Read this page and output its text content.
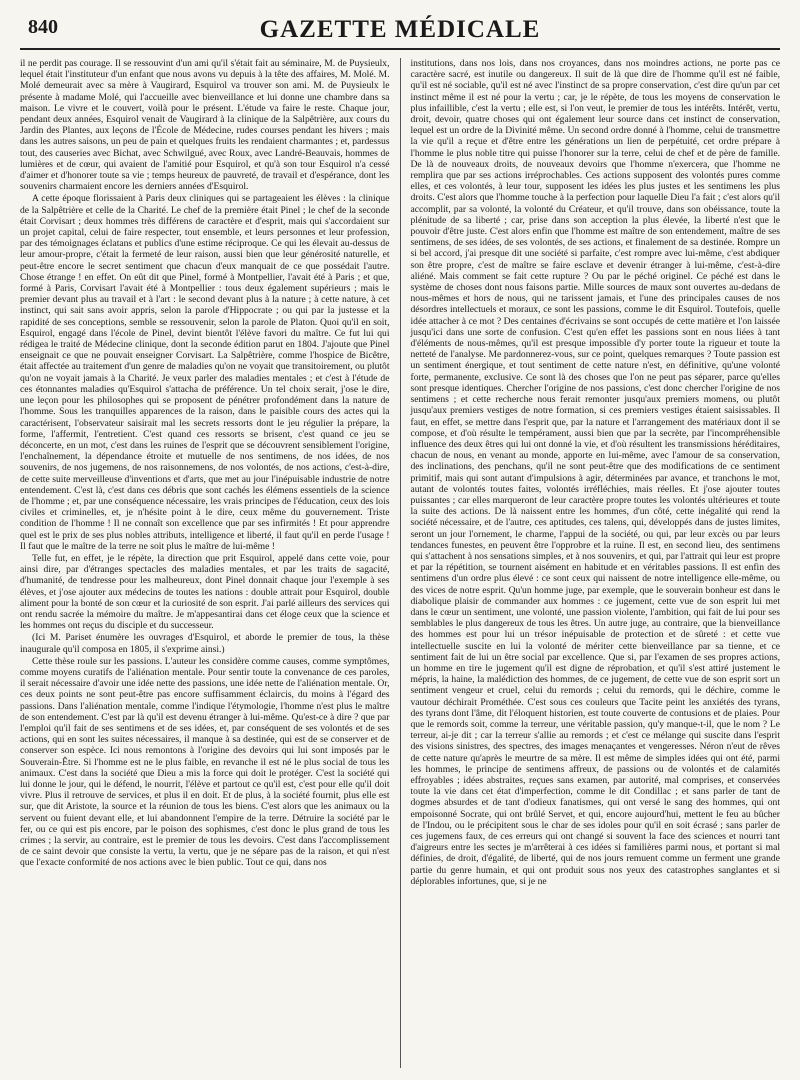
840	GAZETTE MÉDICALE

il ne perdit pas courage. Il se ressouvint d'un ami qu'il s'était fait au séminaire, M. de Puysieulx, lequel était l'instituteur d'un enfant que nous avons vu depuis à la tête des affaires, M. Molé. M. Molé demeurait avec sa mère à Vaugirard, Esquirol va trouver son ami. M. de Puysieulx le présente à madame Molé, qui l'accueille avec bienveillance et lui donne une chambre dans sa maison. Le vivre et le couvert, voilà pour le présent. L'étude va faire le reste. Chaque jour, pendant deux années, Esquirol venait de Vaugirard à la clinique de la Salpêtrière, aux cours du Jardin des Plantes, aux leçons de l'École de Médecine, rudes courses pendant les hivers ; mais dans les autres saisons, un peu de pain et quelques fruits les rendaient charmantes ; et, pardessus tout, des causeries avec Bichat, avec Schwilgué, avec Roux, avec Landré-Beauvais, hommes de lumières et de cœur, qui avaient de l'amitié pour Esquirol, et qu'à son tour Esquirol n'a cessé d'aimer et d'honorer toute sa vie ; temps heureux de pauvreté, de travail et d'espérance, dont les souvenirs charmaient encore les derniers années d'Esquirol.

A cette époque florissaient à Paris deux cliniques qui se partageaient les élèves : la clinique de la Salpêtrière et celle de la Charité. Le chef de la première était Pinel ; le chef de la seconde était Corvisart ; deux hommes très différens de caractère et d'esprit, mais qui s'accordaient sur un projet capital, celui de faire respecter, tout ensemble, et leurs personnes et leur profession, par des témoignages éclatans et publics d'une estime réciproque. Ce qui les élevait au-dessus de leur amour-propre, c'était la fermeté de leur raison, aussi bien que leur générosité naturelle, et peut-être encore le secret sentiment que chacun d'eux manquait de ce que possédait l'autre. Chose étrange ! en effet. On eût dit que Pinel, formé à Montpellier, l'avait été à Paris ; et que, formé à Paris, Corvisart l'avait été à Montpellier : tous deux également supérieurs ; mais le premier devant plus au travail et à l'art : le second devant plus à la nature ; à cette nature, à cet instinct, qui sait sans avoir appris, selon la parole d'Hippocrate ; ou qui par la justesse et la rapidité de ses conceptions, semble se ressouvenir, selon la parole de Platon. Quoi qu'il en soit, Esquirol, engagé dans l'école de Pinel, devint bientôt l'élève favori du maître. Ce fut lui qui rédigea le traité de Médecine clinique, dont la seconde édition parut en 1804. J'ajoute que Pinel enseignait ce que ne pouvait enseigner Corvisart. La Salpêtrière, comme l'hospice de Bicêtre, était affectée au traitement d'un genre de maladies qu'on ne voyait que transitoirement, ou plutôt qu'on ne voyait jamais à la Charité. Je veux parler des maladies mentales ; et c'est à l'étude de ces étonnantes maladies qu'Esquirol s'attacha de préférence. Un tel choix serait, j'ose le dire, une leçon pour les philosophes qui se proposent de pénétrer profondément dans la nature de l'homme. Sous les tranquilles apparences de la raison, dans le paisible cours des actes qui la caractérisent, l'observateur saisirait mal les secrets ressorts dont le jeu régulier la prépare, la forme, l'affermit, l'entretient. C'est quand ces ressorts se brisent, c'est quand ce jeu se déconcerte, en un mot, c'est dans les ruines de l'esprit que se découvrent sensiblement l'origine, l'enchaînement, la dépendance étroite et mutuelle de nos sentimens, de nos idées, de nos souvenirs, de nos jugemens, de nos raisonnemens, de nos volontés, de nos actions, c'est-à-dire, de cette suite merveilleuse d'inventions et d'arts, que met au jour l'inépuisable industrie de notre entendement. C'est là, c'est dans ces débris que sont cachés les élémens essentiels de la science de l'homme ; et, par une conséquence nécessaire, les vrais principes de l'éducation, ceux des lois civiles et criminelles, et, je n'hésite point à le dire, ceux même du gouvernement. Triste condition de l'homme ! Il ne connaît son excellence que par ses infirmités ! Et pour apprendre quel est le prix de ses plus nobles attributs, intelligence et liberté, il faut qu'il en perde l'usage ! Il faut que le maître de la terre ne soit plus le maître de lui-même !

Telle fut, en effet, je le répète, la direction que prit Esquirol, appelé dans cette voie, pour ainsi dire, par d'étranges spectacles des maladies mentales, et par les traits de sagacité, d'humanité, de tendresse pour les malheureux, dont Pinel donnait chaque jour l'exemple à ses élèves, et j'ose ajouter aux médecins de toutes les nations : double attrait pour Esquirol, double aliment pour la bonté de son cœur et la curiosité de son esprit. J'ai parlé ailleurs des services qui ont rendu sacrée la mémoire du maître. Je m'appesantirai dans cet éloge ceux que la science et les hommes ont reçus du disciple et du successeur.

(Ici M. Pariset énumère les ouvrages d'Esquirol, et aborde le premier de tous, la thèse inaugurale qu'il composa en 1805, il s'exprime ainsi.)

Cette thèse roule sur les passions. L'auteur les considère comme causes, comme symptômes, comme moyens curatifs de l'aliénation mentale. Pour sentir toute la convenance de ces paroles, il serait nécessaire d'avoir une idée nette des passions, une idée nette de l'aliénation mentale. Or, ces deux points ne sont peut-être pas encore suffisamment éclaircis, du moins à l'égard des passions. Dans l'aliénation mentale, comme l'indique l'étymologie, l'homme n'est plus le maître de son entendement. C'est par là qu'il est devenu étranger à lui-même. Qu'est-ce à dire ? que par l'emploi qu'il fait de ses sentimens et de ses idées, et, par conséquent de ses volontés et de ses actions, qui en sont les suites nécessaires, il manque à sa destinée, qui est de se conserver et de conserver son espèce. Ici nous remontons à l'origine des devoirs qui lui sont imposés par le Souverain-Être. Si l'homme est ne le plus faible, en revanche il est né le plus social de tous les animaux. C'est dans la société que Dieu a mis la force qui doit le protéger. C'est la société qui lui donne le jour, qui le défend, le nourrit, l'élève et partout ce qu'il est, c'est pour elle qu'il doit vivre. Plus il retrouve de services, et plus il en doit. Et de plus, à la société fournit, plus elle est sur, que dit Aristote, la source et la réunion de tous les biens. C'est alors que les animaux ou la servent ou fuient devant elle, et lui abandonnent l'empire de la terre. Détruire la société par le fer, ou ce qui est pis encore, par le poison des sophismes, c'est donc le plus grand de tous les crimes ; la servir, au contraire, est le premier de tous les devoirs. C'est dans l'accomplissement de ce saint devoir que consiste la vertu, la vertu, que je ne sépare pas de la raison, et qui n'est que l'exacte conformité de nos actions avec le bien public. Tout ce qui, dans nos

institutions, dans nos lois, dans nos croyances, dans nos moindres actions, ne porte pas ce caractère sacré, est inutile ou dangereux. Il suit de là que dire de l'homme qu'il est né faible, qu'il est né sociable, qu'il est né avec l'instinct de sa propre conservation, c'est dire qu'un par cet instinct même il est né pour la vertu ; car, je le répète, de tous les moyens de conservation le plus infaillible, c'est la vertu ; elle est, si l'on veut, le premier de tous les intérêts. Intérêt, vertu, droit, devoir, quatre choses qui ont également leur source dans cet instinct de conservation, lequel est un ordre de la Divinité même. Un second ordre donné à l'homme, celui de transmettre la vie qu'il a reçue et d'être entre les générations un lien de perpétuité, cet ordre prépare à l'homme le plus noble titre qui puisse l'honorer sur la terre, celui de chef et de père de famille. De là de nouveaux droits, de nouveaux devoirs que l'homme n'exercera, que l'homme ne remplira que par ses actions irréprochables. Ces actions supposent des volontés pures comme elles, et ces volontés, à leur tour, supposent les idées les plus justes et les sentimens les plus droits. C'est alors que l'homme touche à la perfection pour laquelle Dieu l'a fait ; c'est alors qu'il accomplit, par sa volonté, la volonté du Créateur, et qu'il trouve, dans son obéissance, toute la plénitude de sa liberté ; car, prise dans son acception la plus élevée, la liberté n'est que le pouvoir d'être juste. C'est alors enfin que l'homme est maître de son entendement, maître de ses sentimens, de ses idées, de ses volontés, de ses actions, et finalement de sa destinée. Rompre un si bel accord, j'ai presque dit une société si parfaite, c'est rompre avec lui-même, c'est abdiquer son être propre, c'est de maître se faire esclave et devenir étranger à lui-même, c'est-à-dire aliéné. Mais comment se fait cette rupture ? Ou par le péché originel. Ce péché est dans le système de choses dont nous faisons partie. Mille sources de maux sont ouvertes au-dedans de nous-mêmes et hors de nous, qui ne tarissent jamais, et l'une des principales causes de nos désordres intellectuels et moraux, ce sont les passions, comme le dit Esquirol. Toutefois, quelle idée attacher à ce mot ? Des centaines d'écrivains se sont occupés de cette matière et l'on laissée jusqu'ici dans une sorte de confusion. C'est qu'en effet les passions sont en nous liées à tant d'éléments de nous-mêmes, qu'il est presque impossible d'y porter toute la rigueur et toute la netteté de l'analyse. Me pardonnerez-vous, sur ce point, quelques remarques ? Toute passion est un sentiment énergique, et tout sentiment de cette nature n'est, en définitive, qu'une volonté forte, permanente, exclusive. Ce sont là des choses que l'on ne peut pas séparer, parce qu'elles sont presque identiques. Chercher l'origine de nos passions, c'est donc chercher l'origine de nos sentimens ; et cette recherche nous ferait remonter jusqu'aux premiers momens, ou plutôt jusqu'aux premiers vestiges de notre formation, si ces premiers vestiges étaient saisissables. Il faut, en effet, se mettre dans l'esprit que, par la nature et l'arrangement des matériaux dont il se compose, et d'où résulte le tempérament, aussi bien que par la secrète, par l'incompréhensible influence des deux êtres qui lui ont donné la vie, et d'où résultent les transmissions héréditaires, chacun de nous, en venant au monde, apporte en lui-même, avec l'amour de sa conservation, des inclinations, des penchans, qu'il ne sont peut-être que des modifications de ce sentiment primitif, mais qui sont autant d'impulsions à agir, déterminées par avance, et tranchons le mot, autant de volontés toutes faites, volontés irréfléchies, mais réelles. Et j'ose ajouter toutes puissantes ; car elles marqueront de leur caractère propre toutes les volontés ultérieures et toute la suite des actions. De là naissent entre les hommes, d'un côté, cette inégalité qui rend la société nécessaire, et de l'autre, ces aptitudes, ces talens, qui, développés dans de justes limites, seront un jour l'ornement, le charme, l'appui de la société, ou qui, par leur excès ou par leurs tendances funestes, en peuvent être l'opprobre et la ruine. Il est, en second lieu, des sentimens qui s'attachent à nos sensations simples, et à nos souvenirs, et qui, par l'attrait qui leur est propre et par la répétition, se tournent aisément en habitude et en véritables passions. Il est enfin des sentimens d'un ordre plus élevé : ce sont ceux qui naissent de notre intelligence elle-même, ou des vices de notre esprit. Qu'un homme juge, par exemple, que le souverain bonheur est dans le diabolique plaisir de commander aux hommes : ce jugement, cette vue de son esprit lui met dans le cœur un sentiment, une volonté, une passion violente, l'ambition, qui fait de lui pour ses semblables le plus dangereux de tous les êtres. Un autre juge, au contraire, que la bienveillance des hommes est pour lui un trésor inépuisable de protection et de sûreté : et cette vue intellectuelle suscite en lui la volonté de mériter cette bienveillance par sa tienne, et ce sentiment fait de lui un être social par excellence. Que si, par l'examen de ses propres actions, un homme en tire le jugement qu'il est digne de réprobation, et qu'il s'est attiré justement le mépris, la haine, la malédiction des hommes, de ce jugement, de cette vue de son esprit sort un sentiment vengeur et cruel, celui du remords ; celui du remords, qui le déchire, comme le vautour déchirait Prométhée. C'est sous ces couleurs que Tacite peint les anxiétés des tyrans, des tyrans dont l'âme, dit l'éloquent historien, est toute couverte de contusions et de plaies. Pour que le remords soit, comme la terreur, une véritable passion, qu'y manque-t-il, que le nom ? Le terreur, ai-je dit ; car la terreur s'allie au remords ; et c'est ce mélange qui suscite dans l'esprit des visions sinistres, des spectres, des images menaçantes et vengeresses. Néron n'eut de rêves de cette nature qu'après le meurtre de sa mère. Il est même de simples idées qui ont été, parmi les hommes, le principe de sentimens affreux, de passions ou de volontés et de calamités effroyables ; idées abstraites, reçues sans examen, par autorité, mal comprises, et conservées toute la vie dans cet état d'imperfection, comme le dit Condillac ; et sans parler de tant de dogmes absurdes et de tant d'odieux fanatismes, qui ont versé le sang des hommes, qui ont empoisonné Socrate, qui ont brûlé Servet, et qui, encore aujourd'hui, mettent le feu au bûcher de l'Indou, ou le précipitent sous le char de ses idoles pour qu'il en soit écrasé ; sans parler de ces jugemens faux, de ces erreurs qui ont changé si souvent la face des sciences et nourri tant d'aigreurs entre les sectes je m'arrêterai à ces idées si familières parmi nous, et portant si mal définies, de droit, d'égalité, de liberté, qui de nos jours remuent comme un ferment une grande partie du genre humain, et qui ont produit sous nos yeux des catastrophes sanglantes et si déplorables infortunes, que, si je ne
